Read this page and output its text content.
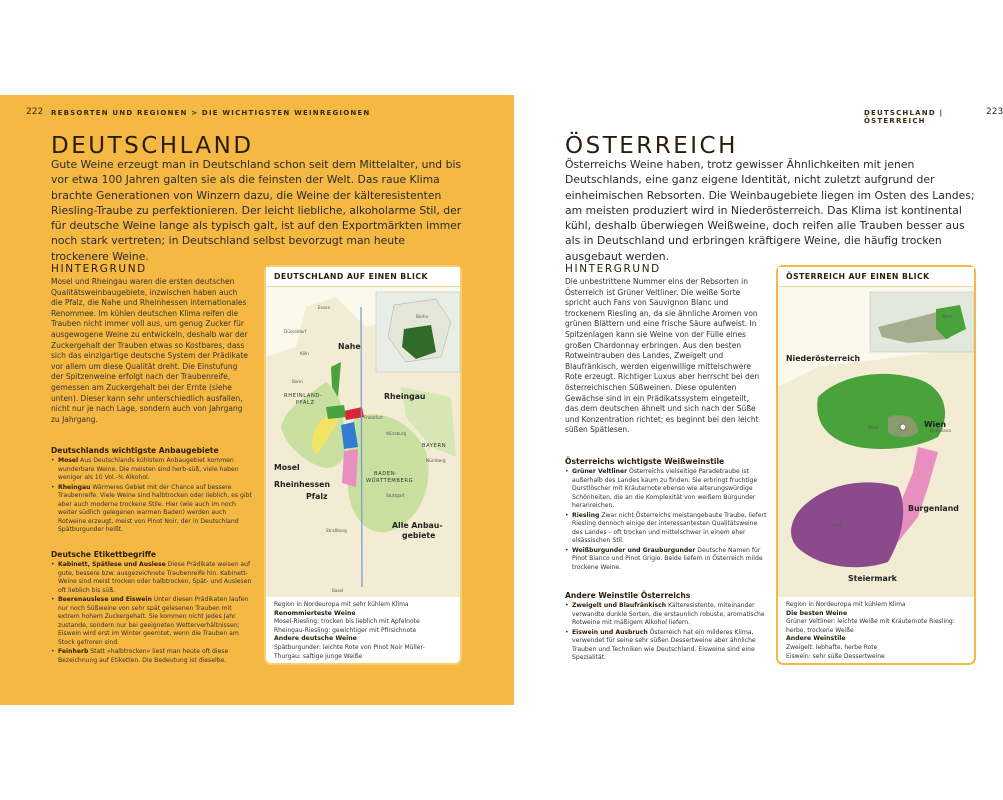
222 REBSORTEN UND REGIONEN > DIE WICHTIGSTEN WEINREGIONEN
DEUTSCHLAND

Gute Weine erzeugt man in Deutschland schon seit dem Mittelalter, und bis vor etwa 100 Jahren galten sie als die feinsten der Welt. Das raue Klima brachte Generationen von Winzern dazu, die Weine der kälteresistenten Riesling-Traube zu perfektionieren. Der leicht liebliche, alkoholarme Stil, der für deutsche Weine lange als typisch galt, ist auf den Exportmärkten immer noch stark vertreten; in Deutschland selbst bevorzugt man heute trockenere Weine.

HINTERGRUND

Mosel und Rheingau waren die ersten deutschen Qualitätsweinbaugebiete, inzwischen haben auch die Pfalz, die Nahe und Rheinhessen internationales Renommee. Im kühlen deutschen Klima reifen die Trauben nicht immer voll aus, um genug Zucker für ausgewogene Weine zu entwickeln, deshalb war der Zuckergehalt der Trauben etwas so Kostbares, dass sich das einzigartige deutsche System der Prädikate vor allem um diese Qualität dreht. Die Einstufung der Spitzenweine erfolgt nach der Traubenreife, gemessen am Zuckergehalt bei der Ernte (siehe unten). Dieser kann sehr unterschiedlich ausfallen, nicht nur je nach Lage, sondern auch von Jahrgang zu Jahrgang.

Deutschlands wichtigste Anbaugebiete
• Mosel Aus Deutschlands kühlstem Anbaugebiet kommen wunderbare Weine. Die meisten sind herb-süß, viele haben weniger als 10 Vol.-% Alkohol.
• Rheingau Wärmeres Gebiet mit der Chance auf bessere Traubenreife. Viele Weine sind halbtrocken oder lieblich, es gibt aber auch moderne trockene Stile. Hier (wie auch im noch weiter südlich gelegenen warmen Baden) werden auch Rotweine erzeugt, meist von Pinot Noir, der in Deutschland Spätburgunder heißt.
Deutsche Etikettbegriffe
• Kabinett, Spätlese und Auslese Diese Prädikate weisen auf gute, bessere bzw. ausgezeichnete Traubenreife hin. Kabinett-Weine sind meist trocken oder halbtrocken, Spät- und Auslesen oft lieblich bis süß.
• Beerenauslese und Eiswein Unter diesen Prädikaten laufen nur noch Süßweine von sehr spät gelesenen Trauben mit extrem hohem Zuckergehalt. Sie kommen nicht jedes Jahr zustande, sondern nur bei geeigneten Wetterverhältnissen; Eiswein wird erst im Winter geerntet, wenn die Trauben am Stock gefroren sind.
• Feinherb Statt »halbtrocken« liest man heute oft diese Bezeichnung auf Etiketten. Die Bedeutung ist dieselbe.
DEUTSCHLAND AUF EINEN BLICK
Berlin
Essen
Düsseldorf
Köln
Bonn
Frankfurt
Würzburg
Nürnberg
Stuttgart
Straßburg
Basel
RHEINLAND-
PFALZ
BAYERN
BADEN-
WÜRTTEMBERG
Nahe
Rheingau
Mosel
Rheinhessen
Pfalz
Alle Anbau-
gebiete
Region in Nordeuropa mit sehr kühlem Klima
Renommierteste Weine
Mosel-Riesling: trocken bis lieblich mit Apfelnote
Rheingau-Riesling: gewichtiger mit Pfirsichnote
Andere deutsche Weine
Spätburgunder: leichte Rote von Pinot Noir Müller-
Thurgau: saftige junge Weiße
DEUTSCHLAND | ÖSTERREICH
223
ÖSTERREICH

Österreichs Weine haben, trotz gewisser Ähnlichkeiten mit jenen Deutschlands, eine ganz eigene Identität, nicht zuletzt aufgrund der einheimischen Rebsorten. Die Weinbaugebiete liegen im Osten des Landes; am meisten produziert wird in Niederösterreich. Das Klima ist kontinental kühl, deshalb überwiegen Weißweine, doch reifen alle Trauben besser aus als in Deutschland und erbringen kräftigere Weine, die häufig trocken ausgebaut werden.

HINTERGRUND

Die unbestrittene Nummer eins der Rebsorten in Österreich ist Grüner Veltliner. Die weiße Sorte spricht auch Fans von Sauvignon Blanc und trockenem Riesling an, da sie ähnliche Aromen von grünen Blättern und eine frische Säure aufweist. In Spitzenlagen kann sie Weine von der Fülle eines großen Chardonnay erbringen. Aus den besten Rotweintrauben des Landes, Zweigelt und Blaufränkisch, werden eigenwillige mittelschwere Rote erzeugt. Richtiger Luxus aber herrscht bei den österreichischen Süßweinen. Diese opulenten Gewächse sind in ein Prädikatssystem eingeteilt, das dem deutschen ähnelt und sich nach der Süße und Konzentration richtet; es beginnt bei den leicht süßen Spätlesen.

Österreichs wichtigste Weißweinstile
• Grüner Veltliner Österreichs vielseitige Paradetraube ist außerhalb des Landes kaum zu finden. Sie erbringt fruchtige Durstlöscher mit Kräuternote ebenso wie alterungswürdige Schönheiten, die an die Komplexität von weißem Burgunder heranreichen.
• Riesling Zwar nicht Österreichs meistangebaute Traube, liefert Riesling dennoch einige der interessantesten Qualitätsweine des Landes – oft trocken und mittelschwer in einem eher elsässischen Stil.
• Weißburgunder und Grauburgunder Deutsche Namen für Pinot Bianco und Pinot Grigio. Beide liefern in Österreich milde trockene Weine.
Andere Weinstile Österreichs
• Zweigelt und Blaufränkisch Kälteresistente, miteinander verwandte dunkle Sorten, die erstaunlich robuste, aromatische Rotweine mit mäßigem Alkohol liefern.
• Eiswein und Ausbruch Österreich hat ein milderes Klima, verwendet für seine sehr süßen Dessertweine aber ähnliche Trauben und Techniken wie Deutschland. Eisweine sind eine Spezialität.
ÖSTERREICH AUF EINEN BLICK
Wien
Wien
Bratislava
Graz
Niederösterreich
Wien
Burgenland
Steiermark
Region in Nordeuropa mit kühlem Klima
Die besten Weine
Grüner Veltliner: leichte Weiße mit Kräuternote Riesling: herbe, trockene Weiße
Andere Weinstile
Zweigelt: lebhafte, herbe Rote
Eiswein: sehr süße Dessertweine
